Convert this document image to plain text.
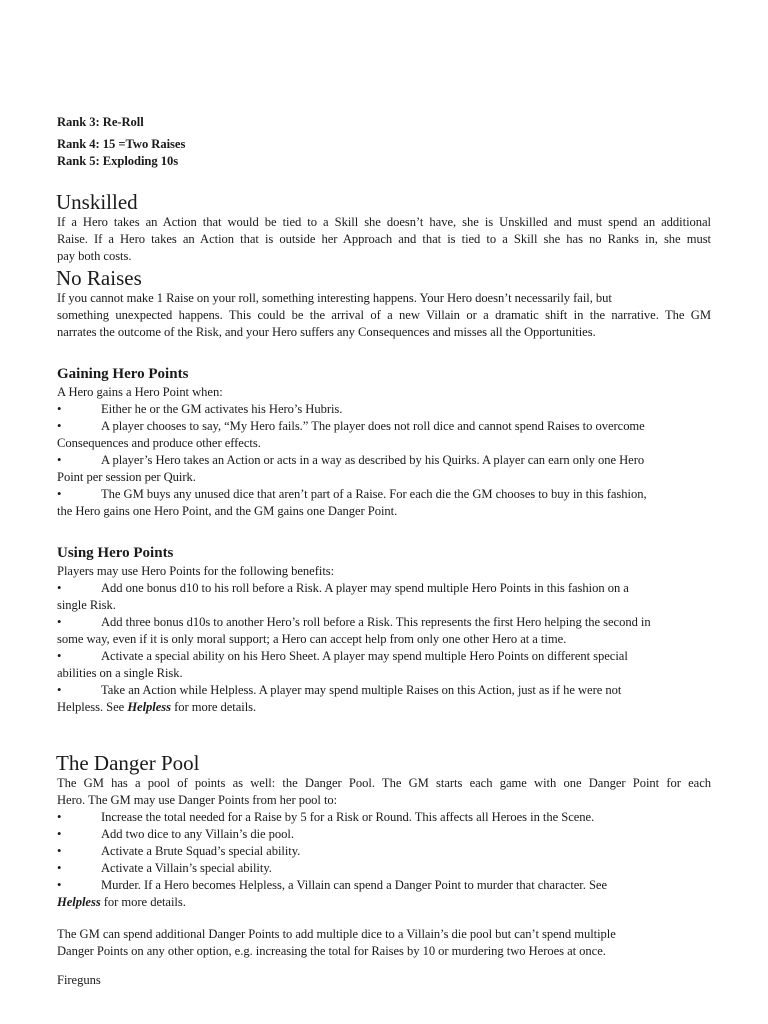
Rank 3: Re-Roll
Rank 4: 15 =Two Raises
Rank 5: Exploding 10s
Unskilled
If a Hero takes an Action that would be tied to a Skill she doesn’t have, she is Unskilled and must spend an additional
Raise. If a Hero takes an Action that is outside her Approach and that is tied to a Skill she has no Ranks in, she must
pay both costs.
No Raises
If you cannot make 1 Raise on your roll, something interesting happens. Your Hero doesn’t necessarily fail, but
something unexpected happens. This could be the arrival of a new Villain or a dramatic shift in the narrative. The GM
narrates the outcome of the Risk, and your Hero suffers any Consequences and misses all the Opportunities.
Gaining Hero Points
A Hero gains a Hero Point when:
•	Either he or the GM activates his Hero’s Hubris.
•	A player chooses to say, “My Hero fails.” The player does not roll dice and cannot spend Raises to overcome
Consequences and produce other effects.
•	A player’s Hero takes an Action or acts in a way as described by his Quirks. A player can earn only one Hero
Point per session per Quirk.
•	The GM buys any unused dice that aren’t part of a Raise. For each die the GM chooses to buy in this fashion,
the Hero gains one Hero Point, and the GM gains one Danger Point.
Using Hero Points
Players may use Hero Points for the following benefits:
•	Add one bonus d10 to his roll before a Risk. A player may spend multiple Hero Points in this fashion on a
single Risk.
•	Add three bonus d10s to another Hero’s roll before a Risk. This represents the first Hero helping the second in
some way, even if it is only moral support; a Hero can accept help from only one other Hero at a time.
•	Activate a special ability on his Hero Sheet. A player may spend multiple Hero Points on different special
abilities on a single Risk.
•	Take an Action while Helpless. A player may spend multiple Raises on this Action, just as if he were not
Helpless. See Helpless for more details.
The Danger Pool
The GM has a pool of points as well: the Danger Pool. The GM starts each game with one Danger Point for each
Hero. The GM may use Danger Points from her pool to:
•	Increase the total needed for a Raise by 5 for a Risk or Round. This affects all Heroes in the Scene.
•	Add two dice to any Villain’s die pool.
•	Activate a Brute Squad’s special ability.
•	Activate a Villain’s special ability.
•	Murder. If a Hero becomes Helpless, a Villain can spend a Danger Point to murder that character. See
Helpless for more details.
The GM can spend additional Danger Points to add multiple dice to a Villain’s die pool but can’t spend multiple
Danger Points on any other option, e.g. increasing the total for Raises by 10 or murdering two Heroes at once.
Fireguns
